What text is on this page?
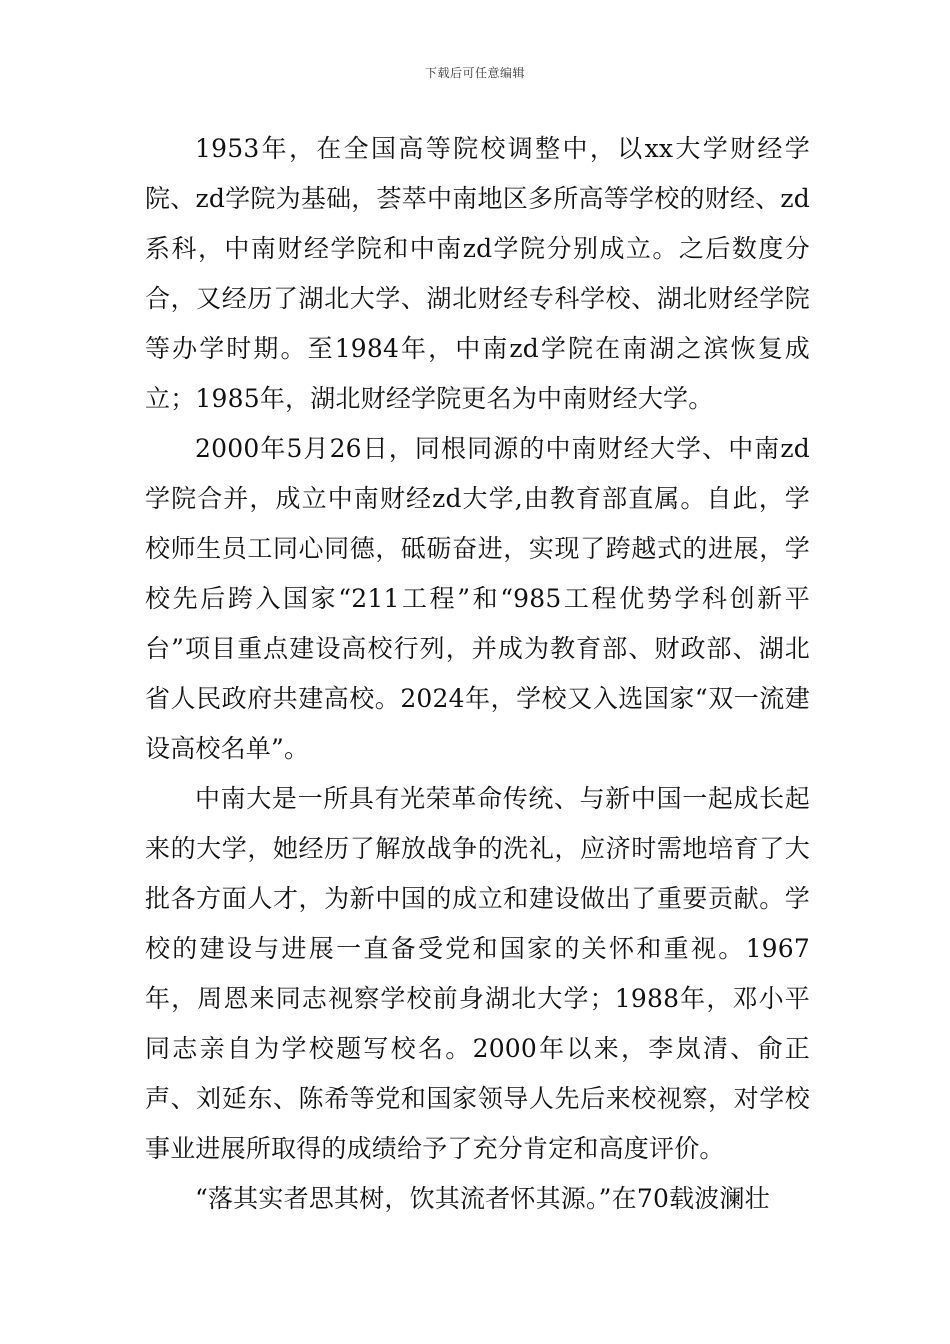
下载后可任意编辑

1953年，在全国高等院校调整中，以xx大学财经学院、zd学院为基础，荟萃中南地区多所高等学校的财经、zd系科，中南财经学院和中南zd学院分别成立。之后数度分合，又经历了湖北大学、湖北财经专科学校、湖北财经学院等办学时期。至1984年，中南zd学院在南湖之滨恢复成立；1985年，湖北财经学院更名为中南财经大学。

2000年5月26日，同根同源的中南财经大学、中南zd学院合并，成立中南财经zd大学,由教育部直属。自此，学校师生员工同心同德，砥砺奋进，实现了跨越式的进展，学校先后跨入国家“211工程”和“985工程优势学科创新平台”项目重点建设高校行列，并成为教育部、财政部、湖北省人民政府共建高校。2024年，学校又入选国家“双一流建设高校名单”。

中南大是一所具有光荣革命传统、与新中国一起成长起来的大学，她经历了解放战争的洗礼，应济时需地培育了大批各方面人才，为新中国的成立和建设做出了重要贡献。学校的建设与进展一直备受党和国家的关怀和重视。1967年，周恩来同志视察学校前身湖北大学；1988年，邓小平同志亲自为学校题写校名。2000年以来，李岚清、俞正声、刘延东、陈希等党和国家领导人先后来校视察，对学校事业进展所取得的成绩给予了充分肯定和高度评价。

“落其实者思其树，饮其流者怀其源。”在70载波澜壮
